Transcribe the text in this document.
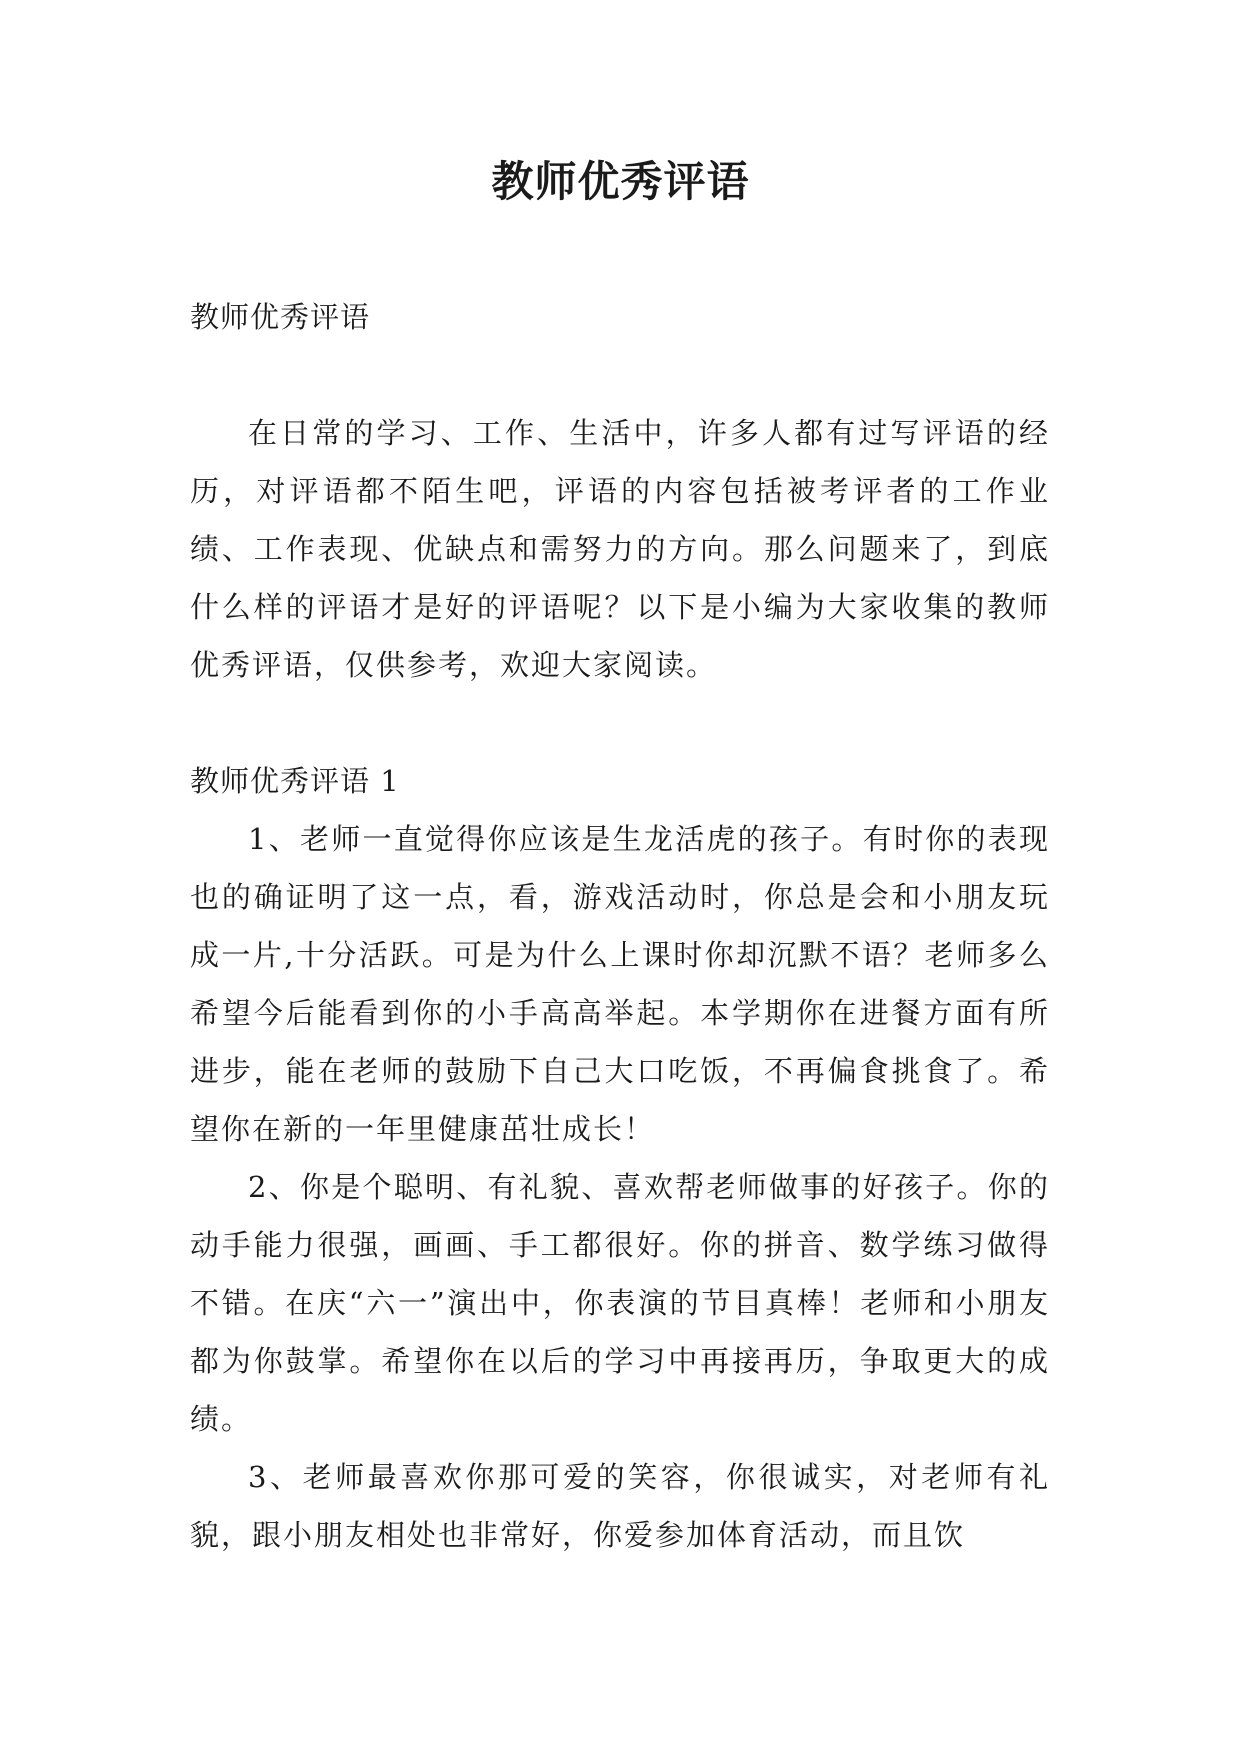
教师优秀评语

教师优秀评语

在日常的学习、工作、生活中，许多人都有过写评语的经历，对评语都不陌生吧，评语的内容包括被考评者的工作业绩、工作表现、优缺点和需努力的方向。那么问题来了，到底什么样的评语才是好的评语呢？以下是小编为大家收集的教师优秀评语，仅供参考，欢迎大家阅读。

教师优秀评语 1

1、老师一直觉得你应该是生龙活虎的孩子。有时你的表现也的确证明了这一点，看，游戏活动时，你总是会和小朋友玩成一片,十分活跃。可是为什么上课时你却沉默不语？老师多么希望今后能看到你的小手高高举起。本学期你在进餐方面有所进步，能在老师的鼓励下自己大口吃饭，不再偏食挑食了。希望你在新的一年里健康茁壮成长！

2、你是个聪明、有礼貌、喜欢帮老师做事的好孩子。你的动手能力很强，画画、手工都很好。你的拼音、数学练习做得不错。在庆“六一”演出中，你表演的节目真棒！老师和小朋友都为你鼓掌。希望你在以后的学习中再接再历，争取更大的成绩。

3、老师最喜欢你那可爱的笑容，你很诚实，对老师有礼貌，跟小朋友相处也非常好，你爱参加体育活动，而且饮
